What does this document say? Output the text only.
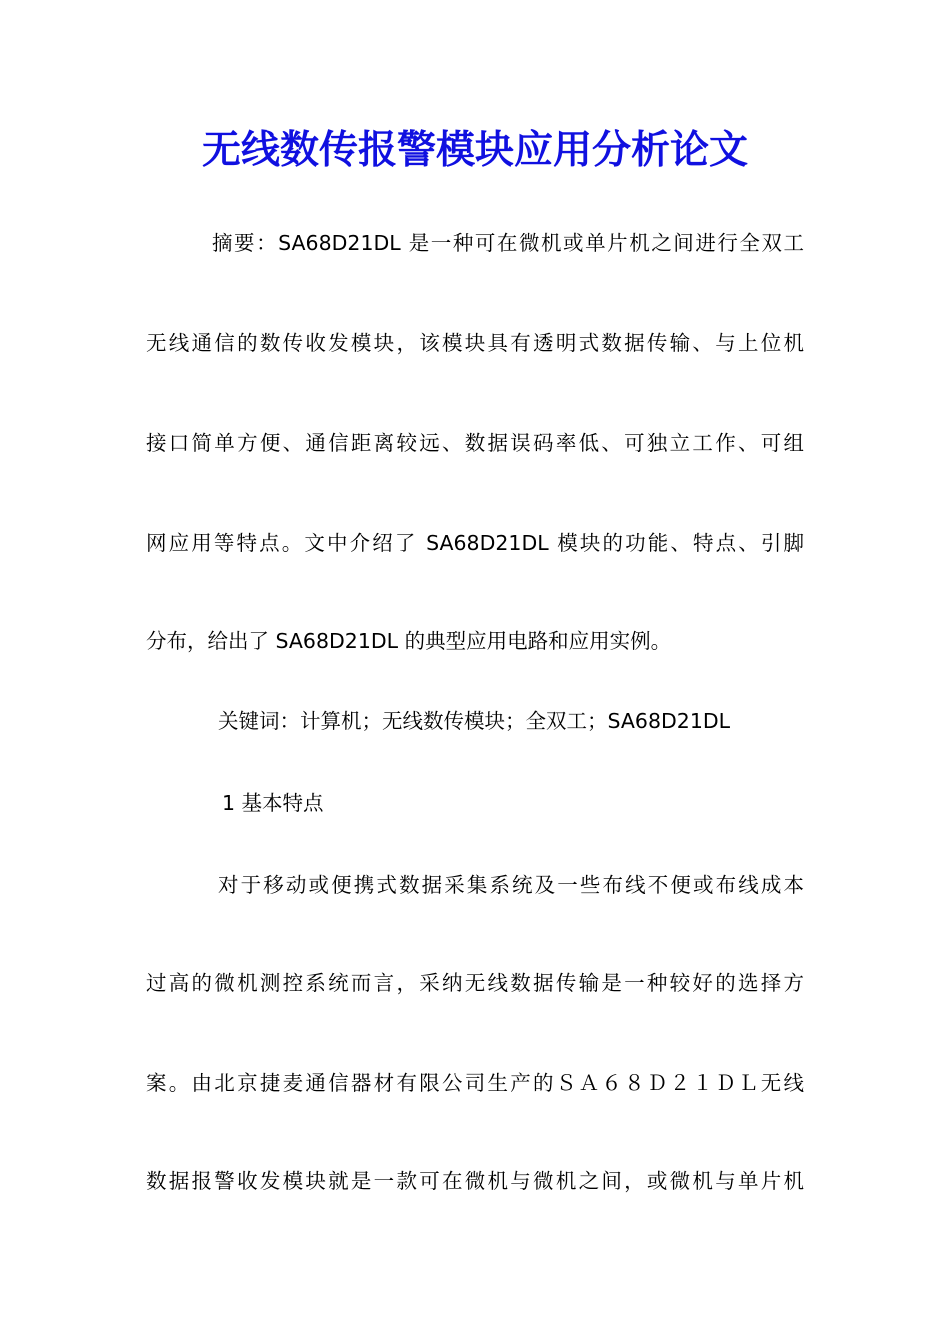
无线数传报警模块应用分析论文
摘要：SA68D21DL 是一种可在微机或单片机之间进行全双工
无线通信的数传收发模块，该模块具有透明式数据传输、与上位机
接口简单方便、通信距离较远、数据误码率低、可独立工作、可组
网应用等特点。文中介绍了 SA68D21DL 模块的功能、特点、引脚
分布，给出了 SA68D21DL 的典型应用电路和应用实例。
关键词：计算机；无线数传模块；全双工；SA68D21DL
1 基本特点
对于移动或便携式数据采集系统及一些布线不便或布线成本
过高的微机测控系统而言，采纳无线数据传输是一种较好的选择方
案。由北京捷麦通信器材有限公司生产的ＳＡ６８Ｄ２１ＤＬ无线
数据报警收发模块就是一款可在微机与微机之间，或微机与单片机
